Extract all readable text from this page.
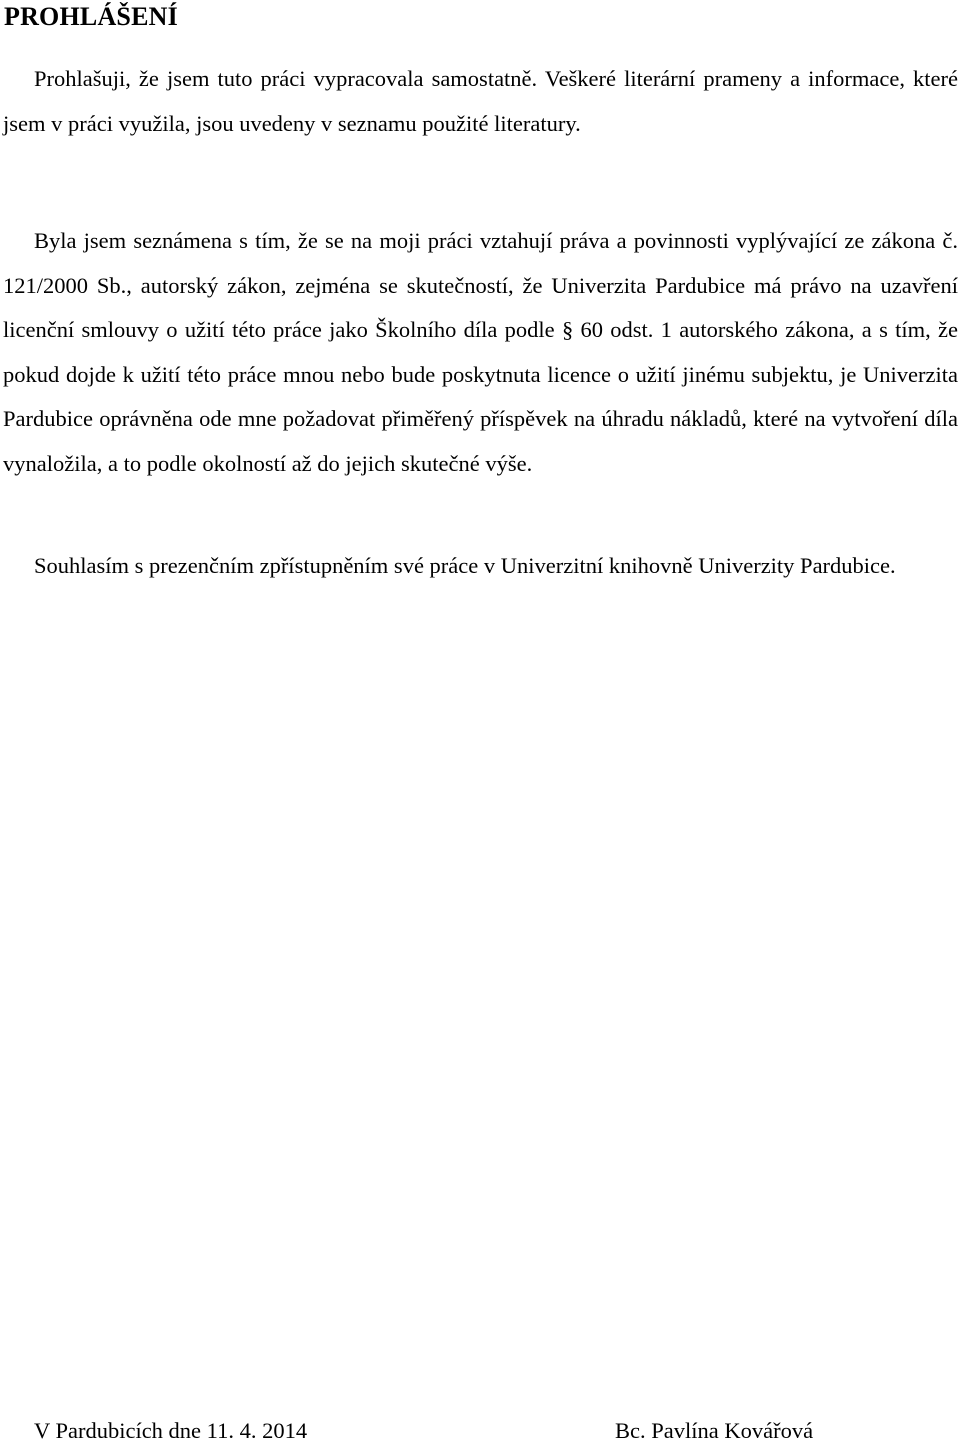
PROHLÁŠENÍ

Prohlašuji, že jsem tuto práci vypracovala samostatně. Veškeré literární prameny a informace, které jsem v práci využila, jsou uvedeny v seznamu použité literatury.

Byla jsem seznámena s tím, že se na moji práci vztahují práva a povinnosti vyplývající ze zákona č. 121/2000 Sb., autorský zákon, zejména se skutečností, že Univerzita Pardubice má právo na uzavření licenční smlouvy o užití této práce jako Školního díla podle § 60 odst. 1 autorského zákona, a s tím, že pokud dojde k užití této práce mnou nebo bude poskytnuta licence o užití jinému subjektu, je Univerzita Pardubice oprávněna ode mne požadovat přiměřený příspěvek na úhradu nákladů, které na vytvoření díla vynaložila, a to podle okolností až do jejich skutečné výše.

Souhlasím s prezenčním zpřístupněním své práce v Univerzitní knihovně Univerzity Pardubice.

V Pardubicích dne 11. 4. 2014	Bc. Pavlína Kovářová
